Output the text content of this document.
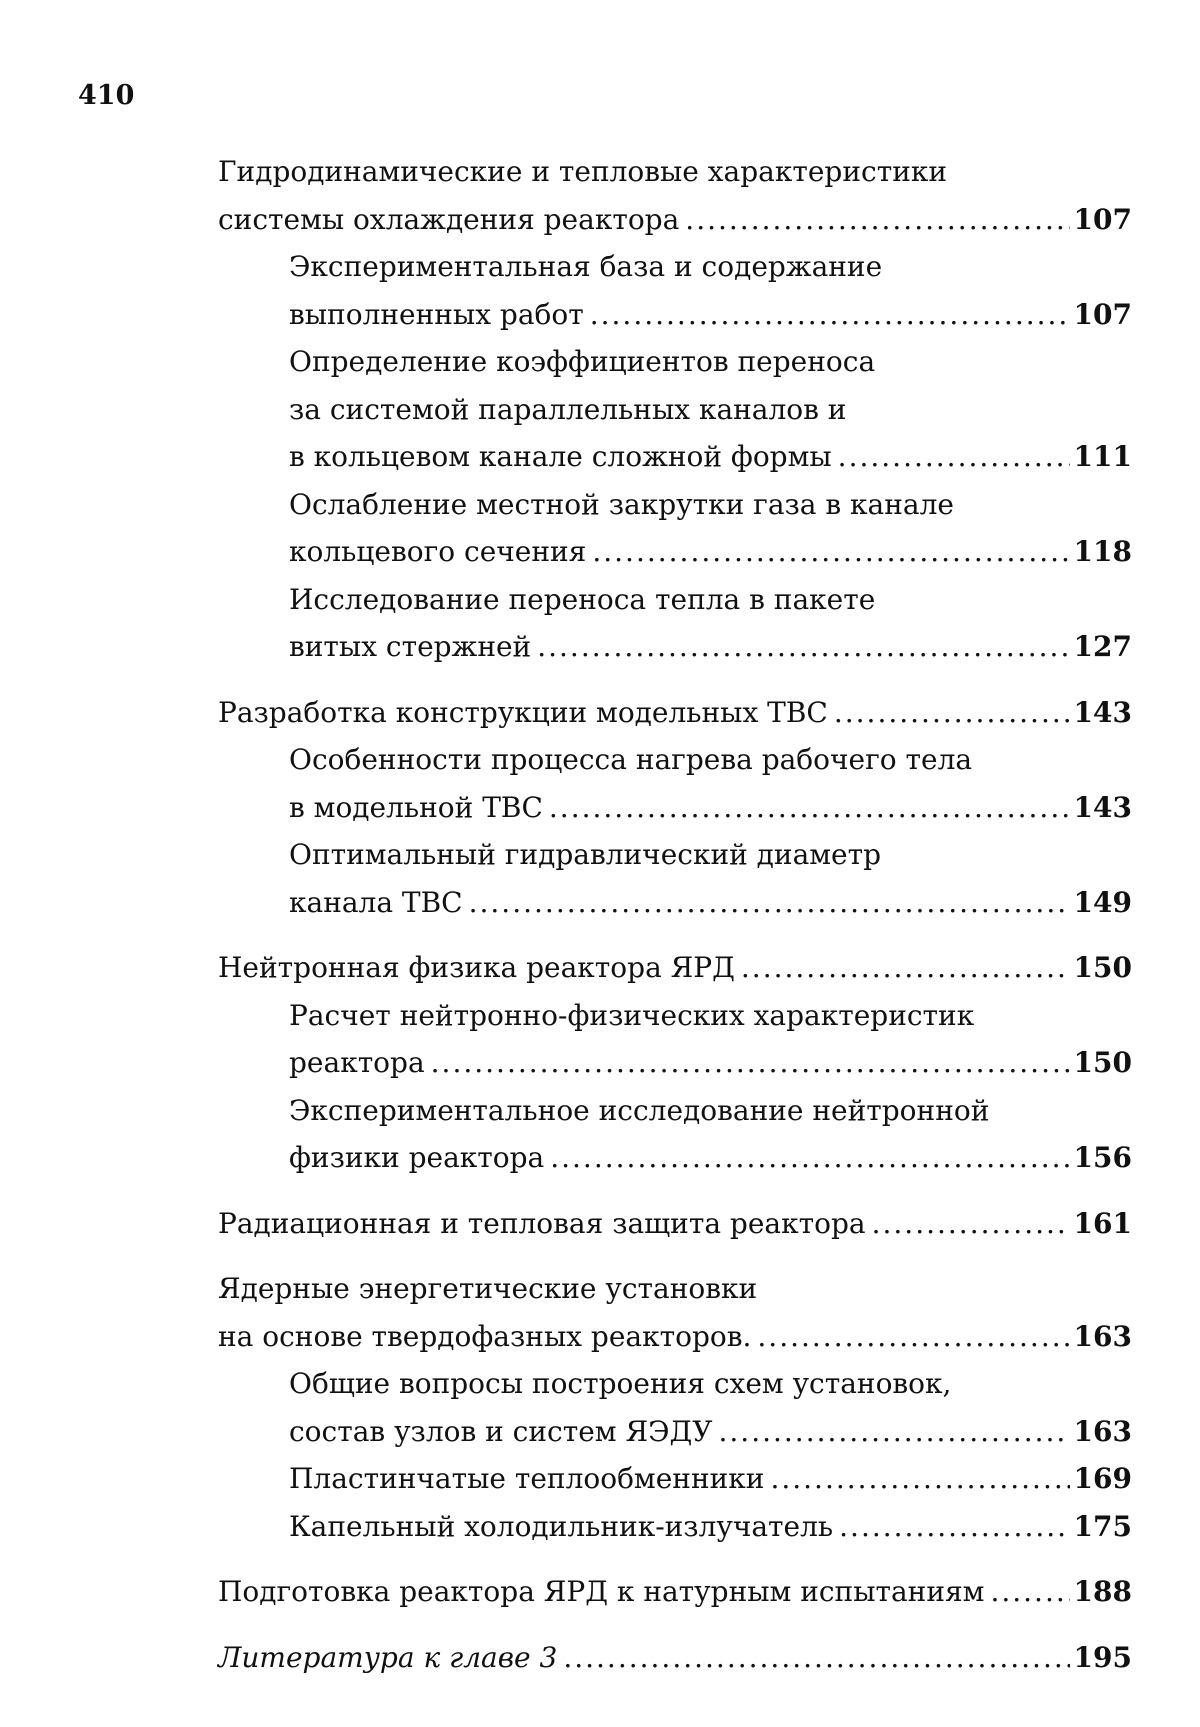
410
Гидродинамические и тепловые характеристики
системы охлаждения реактора .....	107
Экспериментальная база и содержание
выполненных работ .....	107
Определение коэффициентов переноса
за системой параллельных каналов и
в кольцевом канале сложной формы .....	111
Ослабление местной закрутки газа в канале
кольцевого сечения .....	118
Исследование переноса тепла в пакете
витых стержней .....	127
Разработка конструкции модельных ТВС .....	143
Особенности процесса нагрева рабочего тела
в модельной ТВС .....	143
Оптимальный гидравлический диаметр
канала ТВС .....	149
Нейтронная физика реактора ЯРД .....	150
Расчет нейтронно-физических характеристик
реактора .....	150
Экспериментальное исследование нейтронной
физики реактора .....	156
Радиационная и тепловая защита реактора .....	161
Ядерные энергетические установки
на основе твердофазных реакторов. .....	163
Общие вопросы построения схем установок,
состав узлов и систем ЯЭДУ .....	163
Пластинчатые теплообменники .....	169
Капельный холодильник-излучатель .....	175
Подготовка реактора ЯРД к натурным испытаниям .....	188
Литература к главе 3 .....	195
